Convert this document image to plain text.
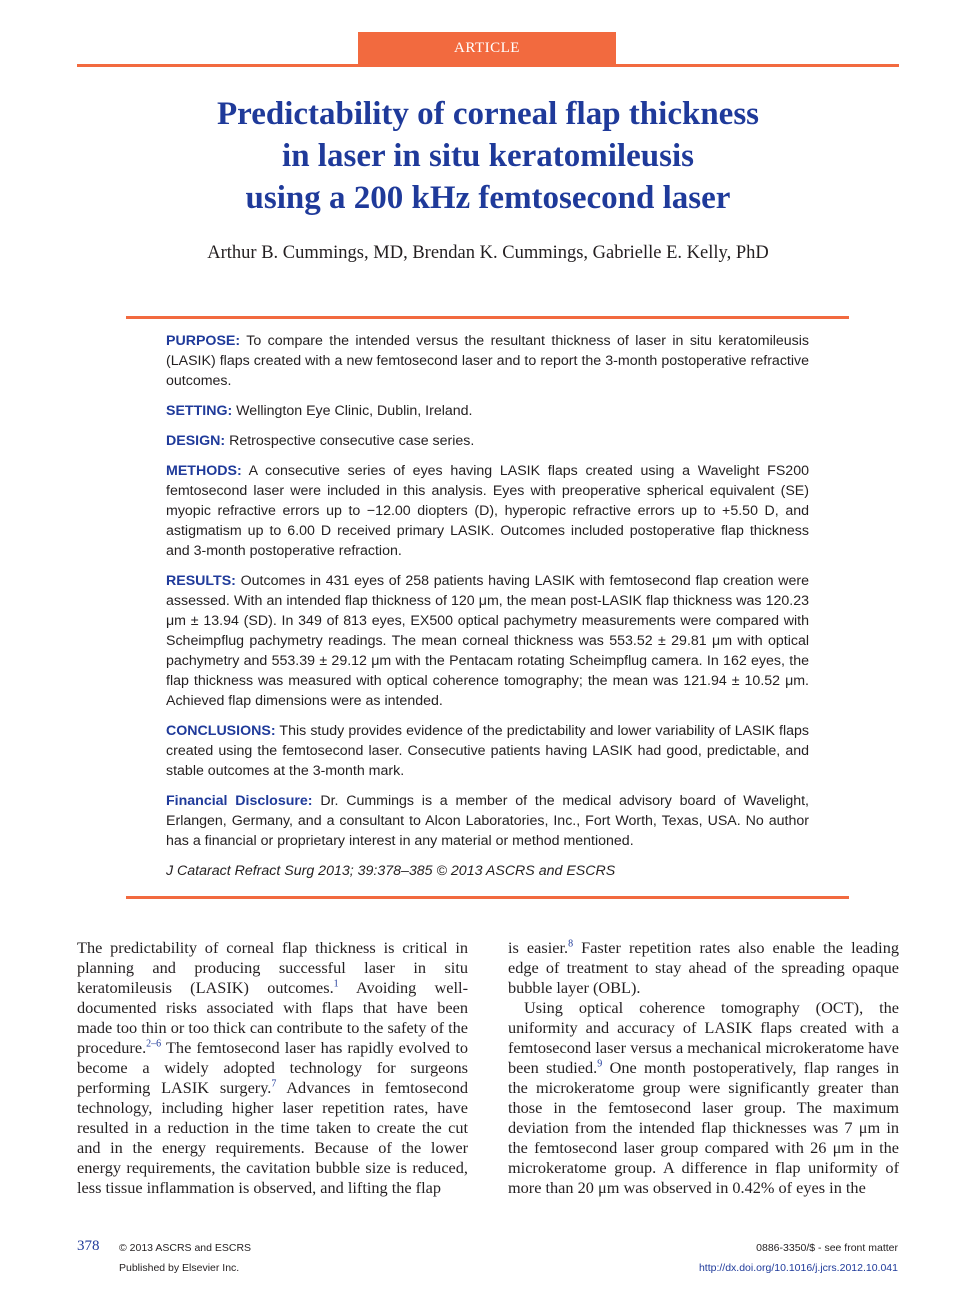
ARTICLE
Predictability of corneal flap thickness
in laser in situ keratomileusis
using a 200 kHz femtosecond laser
Arthur B. Cummings, MD, Brendan K. Cummings, Gabrielle E. Kelly, PhD

PURPOSE: To compare the intended versus the resultant thickness of laser in situ keratomileusis (LASIK) flaps created with a new femtosecond laser and to report the 3-month postoperative refractive outcomes.

SETTING: Wellington Eye Clinic, Dublin, Ireland.

DESIGN: Retrospective consecutive case series.

METHODS: A consecutive series of eyes having LASIK flaps created using a Wavelight FS200 femtosecond laser were included in this analysis. Eyes with preoperative spherical equivalent (SE) myopic refractive errors up to −12.00 diopters (D), hyperopic refractive errors up to +5.50 D, and astigmatism up to 6.00 D received primary LASIK. Outcomes included postoperative flap thickness and 3-month postoperative refraction.

RESULTS: Outcomes in 431 eyes of 258 patients having LASIK with femtosecond flap creation were assessed. With an intended flap thickness of 120 μm, the mean post-LASIK flap thickness was 120.23 μm ± 13.94 (SD). In 349 of 813 eyes, EX500 optical pachymetry measurements were compared with Scheimpflug pachymetry readings. The mean corneal thickness was 553.52 ± 29.81 μm with optical pachymetry and 553.39 ± 29.12 μm with the Pentacam rotating Scheimpflug camera. In 162 eyes, the flap thickness was measured with optical coherence tomography; the mean was 121.94 ± 10.52 μm. Achieved flap dimensions were as intended.

CONCLUSIONS: This study provides evidence of the predictability and lower variability of LASIK flaps created using the femtosecond laser. Consecutive patients having LASIK had good, predictable, and stable outcomes at the 3-month mark.

Financial Disclosure: Dr. Cummings is a member of the medical advisory board of Wavelight, Erlangen, Germany, and a consultant to Alcon Laboratories, Inc., Fort Worth, Texas, USA. No author has a financial or proprietary interest in any material or method mentioned.

J Cataract Refract Surg 2013; 39:378–385 © 2013 ASCRS and ESCRS

The predictability of corneal flap thickness is critical in planning and producing successful laser in situ keratomileusis (LASIK) outcomes.$^1$ Avoiding well-documented risks associated with flaps that have been made too thin or too thick can contribute to the safety of the procedure.$^{2-6}$ The femtosecond laser has rapidly evolved to become a widely adopted technology for surgeons performing LASIK surgery.$^7$ Advances in femtosecond technology, including higher laser repetition rates, have resulted in a reduction in the time taken to create the cut and in the energy requirements. Because of the lower energy requirements, the cavitation bubble size is reduced, less tissue inflammation is observed, and lifting the flap

is easier.$^8$ Faster repetition rates also enable the leading edge of treatment to stay ahead of the spreading opaque bubble layer (OBL).

Using optical coherence tomography (OCT), the uniformity and accuracy of LASIK flaps created with a femtosecond laser versus a mechanical microkeratome have been studied.$^9$ One month postoperatively, flap ranges in the microkeratome group were significantly greater than those in the femtosecond laser group. The maximum deviation from the intended flap thicknesses was 7 μm in the femtosecond laser group compared with 26 μm in the microkeratome group. A difference in flap uniformity of more than 20 μm was observed in 0.42% of eyes in the

378 © 2013 ASCRS and ESCRS
Published by Elsevier Inc.
0886-3350/$ - see front matter
http://dx.doi.org/10.1016/j.jcrs.2012.10.041
